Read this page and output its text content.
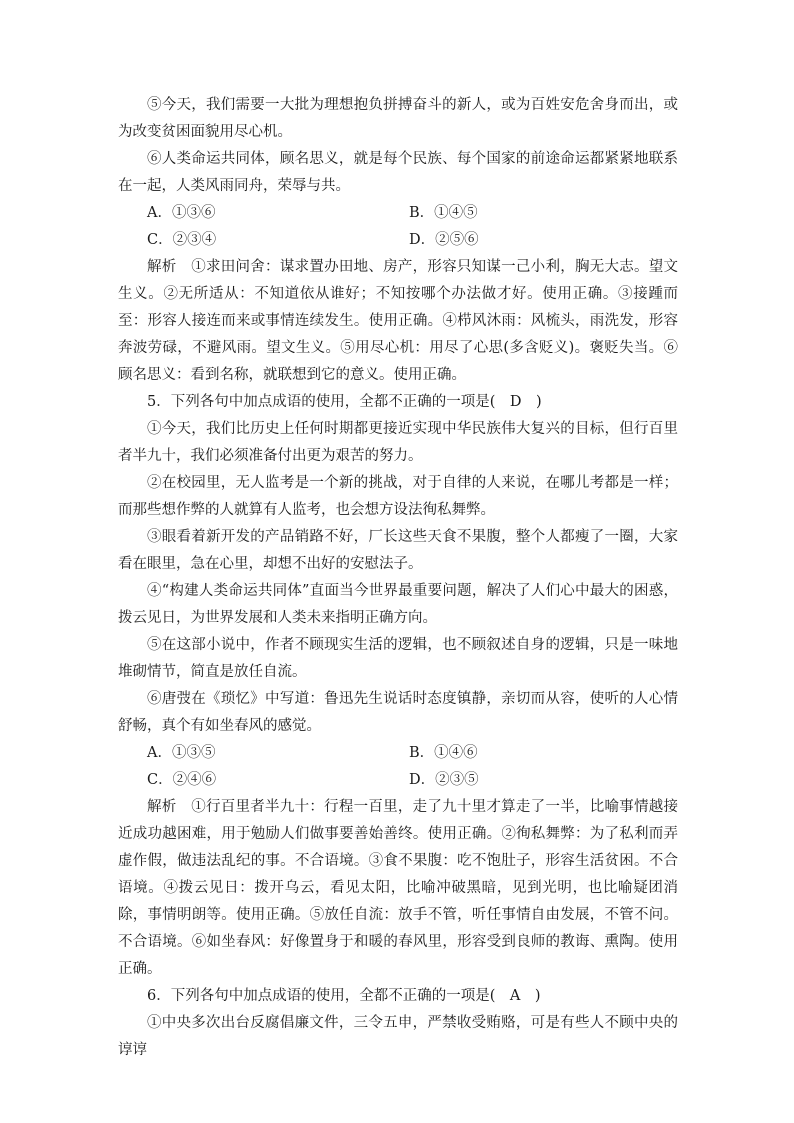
⑤今天，我们需要一大批为理想抱负拼搏奋斗的新人，或为百姓安危舍身而出，或为改变贫困面貌用尽心机。

⑥人类命运共同体，顾名思义，就是每个民族、每个国家的前途命运都紧紧地联系在一起，人类风雨同舟，荣辱与共。

A．①③⑥	B．①④⑤
C．②③④	D．②⑤⑥

解析　①求田问舍：谋求置办田地、房产，形容只知谋一己小利，胸无大志。望文生义。②无所适从：不知道依从谁好；不知按哪个办法做才好。使用正确。③接踵而至：形容人接连而来或事情连续发生。使用正确。④栉风沐雨：风梳头，雨洗发，形容奔波劳碌，不避风雨。望文生义。⑤用尽心机：用尽了心思(多含贬义)。褒贬失当。⑥顾名思义：看到名称，就联想到它的意义。使用正确。

5．下列各句中加点成语的使用，全都不正确的一项是(　D　)

①今天，我们比历史上任何时期都更接近实现中华民族伟大复兴的目标，但行百里者半九十，我们必须准备付出更为艰苦的努力。

②在校园里，无人监考是一个新的挑战，对于自律的人来说，在哪儿考都是一样；而那些想作弊的人就算有人监考，也会想方设法徇私舞弊。

③眼看着新开发的产品销路不好，厂长这些天食不果腹，整个人都瘦了一圈，大家看在眼里，急在心里，却想不出好的安慰法子。

④“构建人类命运共同体”直面当今世界最重要问题，解决了人们心中最大的困惑，拨云见日，为世界发展和人类未来指明正确方向。

⑤在这部小说中，作者不顾现实生活的逻辑，也不顾叙述自身的逻辑，只是一味地堆砌情节，简直是放任自流。

⑥唐弢在《琐忆》中写道：鲁迅先生说话时态度镇静，亲切而从容，使听的人心情舒畅，真个有如坐春风的感觉。

A．①③⑤	B．①④⑥
C．②④⑥	D．②③⑤

解析　①行百里者半九十：行程一百里，走了九十里才算走了一半，比喻事情越接近成功越困难，用于勉励人们做事要善始善终。使用正确。②徇私舞弊：为了私利而弄虚作假，做违法乱纪的事。不合语境。③食不果腹：吃不饱肚子，形容生活贫困。不合语境。④拨云见日：拨开乌云，看见太阳，比喻冲破黑暗，见到光明，也比喻疑团消除，事情明朗等。使用正确。⑤放任自流：放手不管，听任事情自由发展，不管不问。不合语境。⑥如坐春风：好像置身于和暖的春风里，形容受到良师的教诲、熏陶。使用正确。

6．下列各句中加点成语的使用，全都不正确的一项是(　A　)

①中央多次出台反腐倡廉文件，三令五申，严禁收受贿赂，可是有些人不顾中央的谆谆
